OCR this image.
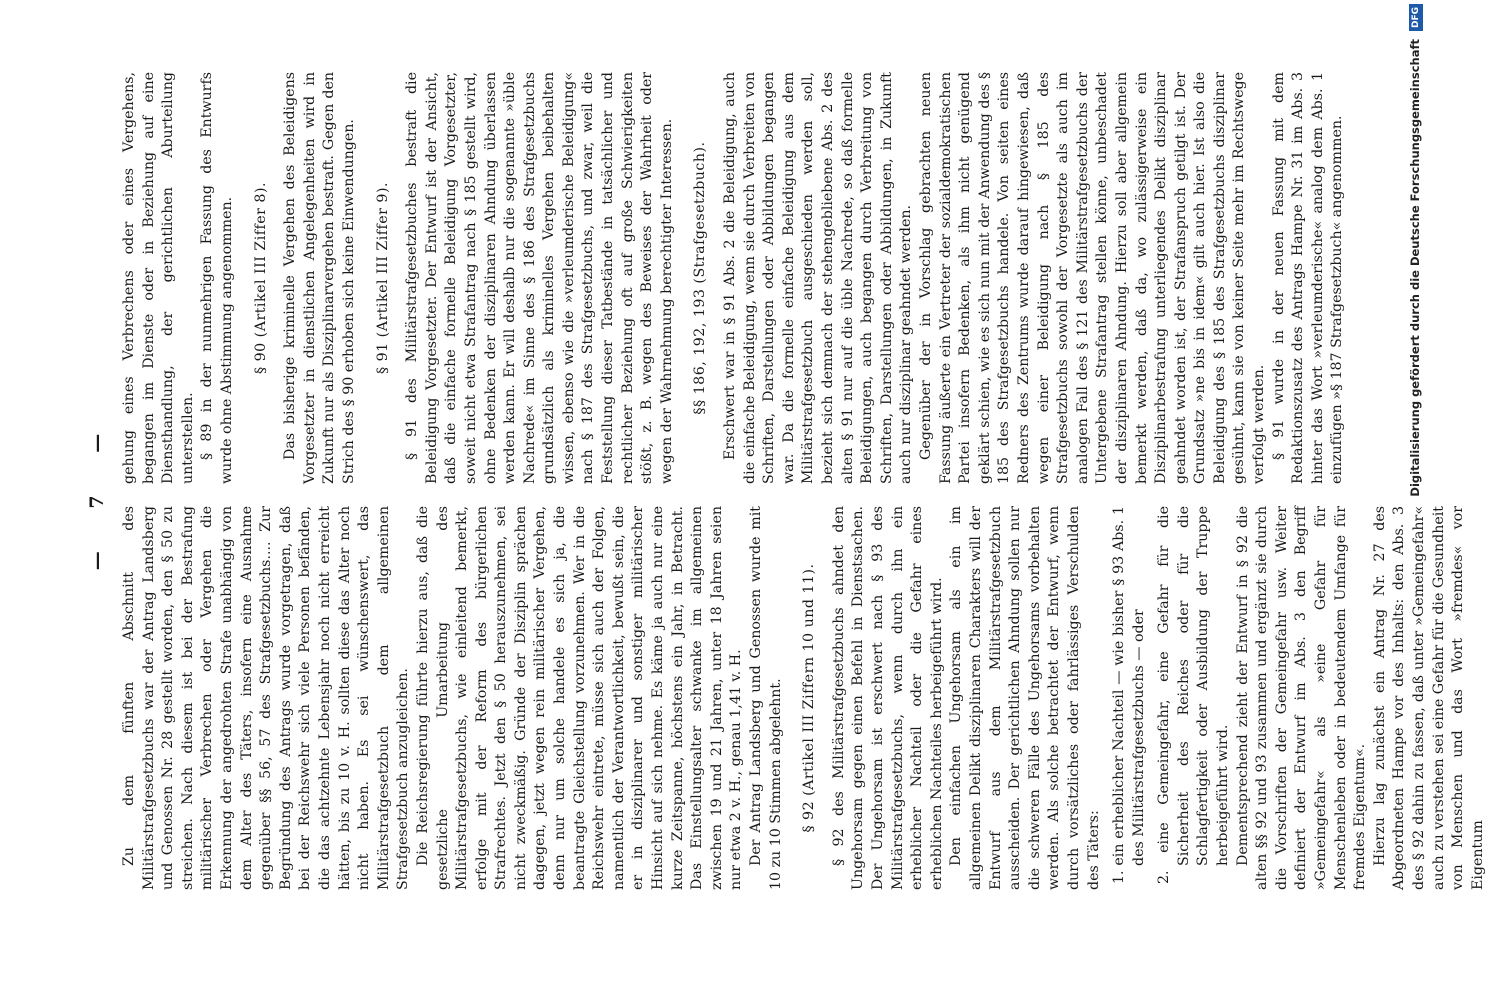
— 7 — gehung eines Verbrechens oder eines Vergehens, begangen im Dienste oder in Beziehung auf eine Diensthandlung, der gerichtlichen Aburteilung unterstellen. § 89 in der nunmehrigen Fassung des Entwurfs wurde ohne Abstimmung angenommen. § 90 (Artikel III Ziffer 8). Das bisherige kriminelle Vergehen des Beleidigens Vorgesetzter in dienstlichen Angelegenheiten wird in Zukunft nur als Disziplinarvergehen bestraft. Gegen den Strich des § 90 erhoben sich keine Einwendungen. § 91 (Artikel III Ziffer 9). § 91 des Militärstrafgesetzbuches bestraft die Beleidigung Vorgesetzter. Der Entwurf ist der Ansicht, daß die einfache formelle Beleidigung Vorgesetzter, soweit nicht etwa Strafantrag nach § 185 gestellt wird, ohne Bedenken der disziplinaren Ahndung überlassen werden kann. Er will deshalb nur die sogenannte »üble Nachrede« im Sinne des § 186 des Strafgesetzbuchs grundsätzlich als kriminelles Vergehen beibehalten wissen, ebenso wie die »verleumderische Beleidigung« nach § 187 des Strafgesetzbuchs, und zwar, weil die Feststellung dieser Tatbestände in tatsächlicher und rechtlicher Beziehung oft auf große Schwierigkeiten stößt, z. B. wegen des Beweises der Wahrheit oder wegen der Wahrnehmung berechtigter Interessen. §§ 186, 192, 193 (Strafgesetzbuch). Erschwert war in § 91 Abs. 2 die Beleidigung, auch die einfache Beleidigung, wenn sie durch Verbreiten von Schriften, Darstellungen oder Abbildungen begangen war. Da die formelle einfache Beleidigung aus dem Militärstrafgesetzbuch ausgeschieden werden soll, bezieht sich demnach der stehengebliebene Abs. 2 des alten § 91 nur auf die üble Nachrede, so daß formelle Beleidigungen, auch begangen durch Verbreitung von Schriften, Darstellungen oder Abbildungen, in Zukunft auch nur disziplinar geahndet werden. Gegenüber der in Vorschlag gebrachten neuen Fassung äußerte ein Vertreter der sozialdemokratischen Partei insofern Bedenken, als ihm nicht genügend geklärt schien, wie es sich nun mit der Anwendung des § 185 des Strafgesetzbuchs handele. Von seiten eines Redners des Zentrums wurde darauf hingewiesen, daß wegen einer Beleidigung nach § 185 des Strafgesetzbuchs sowohl der Vorgesetzte als auch im analogen Fall des § 121 des Militärstrafgesetzbuchs der Untergebene Strafantrag stellen könne, unbeschadet der disziplinaren Ahndung. Hierzu soll aber allgemein bemerkt werden, daß da, wo zulässigerweise ein Disziplinarbestrafung unterliegendes Delikt disziplinar geahndet worden ist, der Strafanspruch getilgt ist. Der Grundsatz »ne bis in idem« gilt auch hier. Ist also die Beleidigung des § 185 des Strafgesetzbuchs disziplinar gesühnt, kann sie von keiner Seite mehr im Rechtswege verfolgt werden. § 91 wurde in der neuen Fassung mit dem Redaktionszusatz des Antrags Hampe Nr. 31 im Abs. 3 hinter das Wort »verleumderische« analog dem Abs. 1 einzufügen »§ 187 Strafgesetzbuch« angenommen.

Zu dem fünften Abschnitt des Militärstrafgesetzbuchs war der Antrag Landsberg und Genossen Nr. 28 gestellt worden, den § 50 zu streichen. Nach diesem ist bei der Bestrafung militärischer Verbrechen oder Vergehen die Erkennung der angedrohten Strafe unabhängig von dem Alter des Täters, insofern eine Ausnahme gegenüber §§ 56, 57 des Strafgesetzbuchs.... Zur Begründung des Antrags wurde vorgetragen, daß bei der Reichswehr sich viele Personen befänden, die das achtzehnte Lebensjahr noch nicht erreicht hätten, bis zu 10 v. H. sollten diese das Alter noch nicht haben. Es sei wünschenswert, das Militärstrafgesetzbuch dem allgemeinen Strafgesetzbuch anzugleichen. Die Reichsregierung führte hierzu aus, daß die gesetzliche Umarbeitung des Militärstrafgesetzbuchs, wie einleitend bemerkt, erfolge mit der Reform des bürgerlichen Strafrechtes. Jetzt den § 50 herauszunehmen, sei nicht zweckmäßig. Gründe der Disziplin sprächen dagegen, jetzt wegen rein militärischer Vergehen, denn nur um solche handele es sich ja, die beantragte Gleichstellung vorzunehmen. Wer in die Reichswehr eintrete, müsse sich auch der Folgen, namentlich der Verantwortlichkeit, bewußt sein, die er in disziplinarer und sonstiger militärischer Hinsicht auf sich nehme. Es käme ja auch nur eine kurze Zeitspanne, höchstens ein Jahr, in Betracht. Das Einstellungsalter schwanke im allgemeinen zwischen 19 und 21 Jahren, unter 18 Jahren seien nur etwa 2 v. H., genau 1,41 v. H. Der Antrag Landsberg und Genossen wurde mit 10 zu 10 Stimmen abgelehnt. § 92 (Artikel III Ziffern 10 und 11). § 92 des Militärstrafgesetzbuchs ahndet den Ungehorsam gegen einen Befehl in Dienstsachen. Der Ungehorsam ist erschwert nach § 93 des Militärstrafgesetzbuchs, wenn durch ihn ein erheblicher Nachteil oder die Gefahr eines erheblichen Nachteiles herbeigeführt wird. Den einfachen Ungehorsam als ein im allgemeinen Delikt disziplinaren Charakters will der Entwurf aus dem Militärstrafgesetzbuch ausscheiden. Der gerichtlichen Ahndung sollen nur die schweren Fälle des Ungehorsams vorbehalten werden. Als solche betrachtet der Entwurf, wenn durch vorsätzliches oder fahrlässiges Verschulden des Täters: 1. ein erheblicher Nachteil — wie bisher § 93 Abs. 1 des Militärstrafgesetzbuchs — oder 2. eine Gemeingefahr, eine Gefahr für die Sicherheit des Reiches oder für die Schlagfertigkeit oder Ausbildung der Truppe herbeigeführt wird. Dementsprechend zieht der Entwurf in § 92 die alten §§ 92 und 93 zusammen und ergänzt sie durch die Vorschriften der Gemeingefahr usw. Weiter definiert der Entwurf im Abs. 3 den Begriff »Gemeingefahr« als »eine Gefahr für Menschenleben oder in bedeutendem Umfange für fremdes Eigentum«. Hierzu lag zunächst ein Antrag Nr. 27 des Abgeordneten Hampe vor des Inhalts: den Abs. 3 des § 92 dahin zu fassen, daß unter »Gemeingefahr« auch zu verstehen sei eine Gefahr für die Gesundheit von Menschen und das Wort »fremdes« vor Eigentum

Digitalisierung gefördert durch die Deutsche Forschungsgemeinschaft DFG
